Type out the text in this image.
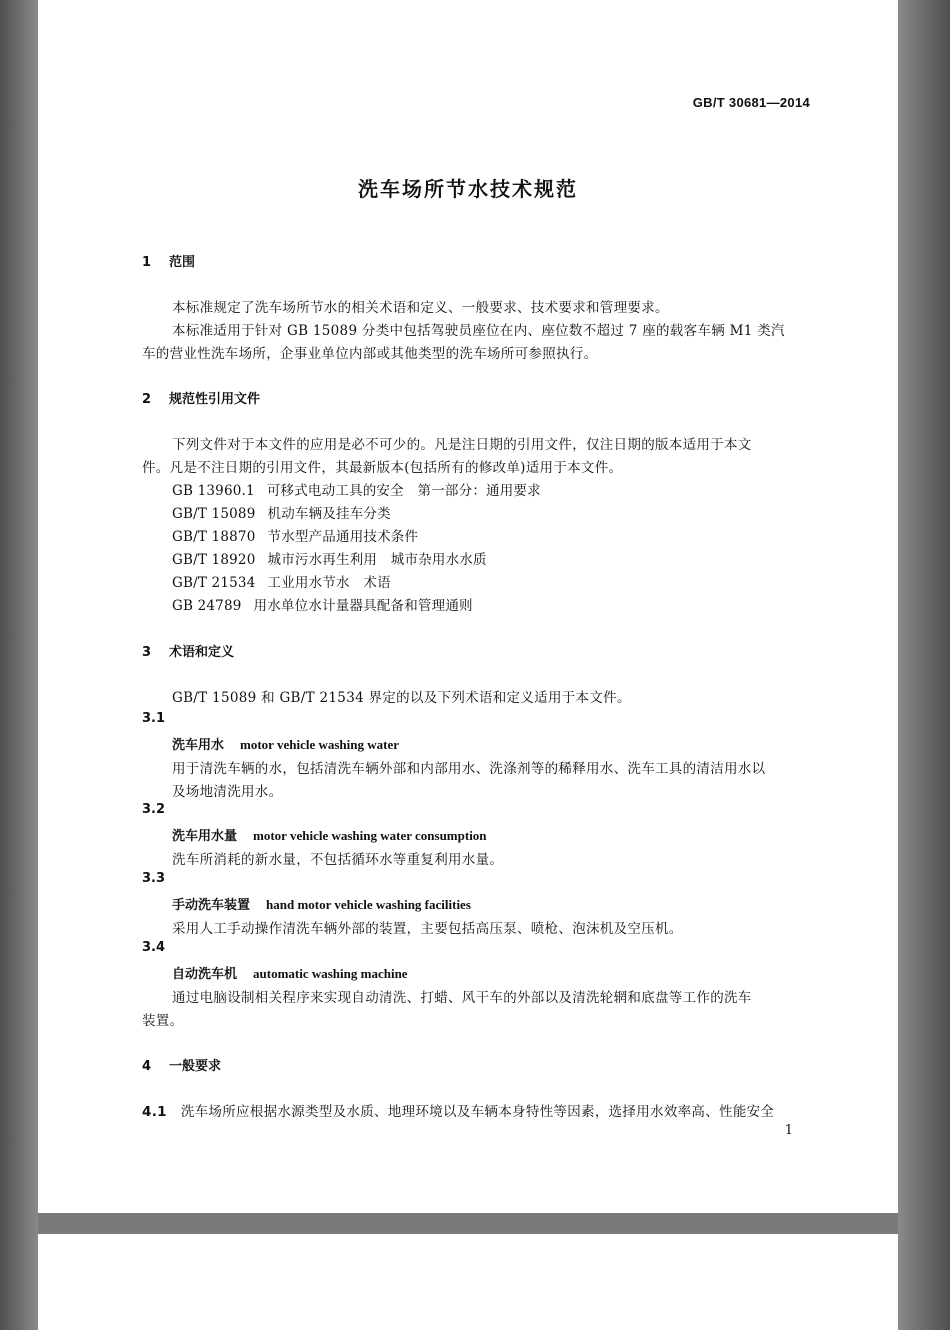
GB/T 30681—2014
洗车场所节水技术规范
1 范围
本标准规定了洗车场所节水的相关术语和定义、一般要求、技术要求和管理要求。
本标准适用于针对 GB 15089 分类中包括驾驶员座位在内、座位数不超过 7 座的载客车辆 M1 类汽
车的营业性洗车场所，企事业单位内部或其他类型的洗车场所可参照执行。
2 规范性引用文件
下列文件对于本文件的应用是必不可少的。凡是注日期的引用文件，仅注日期的版本适用于本文
件。凡是不注日期的引用文件，其最新版本(包括所有的修改单)适用于本文件。
GB 13960.1 可移式电动工具的安全　第一部分：通用要求
GB/T 15089 机动车辆及挂车分类
GB/T 18870 节水型产品通用技术条件
GB/T 18920 城市污水再生利用　城市杂用水水质
GB/T 21534 工业用水节水　术语
GB 24789 用水单位水计量器具配备和管理通则
3 术语和定义
GB/T 15089 和 GB/T 21534 界定的以及下列术语和定义适用于本文件。
3.1
洗车用水 motor vehicle washing water
用于清洗车辆的水，包括清洗车辆外部和内部用水、洗涤剂等的稀释用水、洗车工具的清洁用水以
及场地清洗用水。
3.2
洗车用水量 motor vehicle washing water consumption
洗车所消耗的新水量，不包括循环水等重复利用水量。
3.3
手动洗车装置 hand motor vehicle washing facilities
采用人工手动操作清洗车辆外部的装置，主要包括高压泵、喷枪、泡沫机及空压机。
3.4
自动洗车机 automatic washing machine
通过电脑设制相关程序来实现自动清洗、打蜡、风干车的外部以及清洗轮辋和底盘等工作的洗车
装置。
4 一般要求
4.1 洗车场所应根据水源类型及水质、地理环境以及车辆本身特性等因素，选择用水效率高、性能安全
1
